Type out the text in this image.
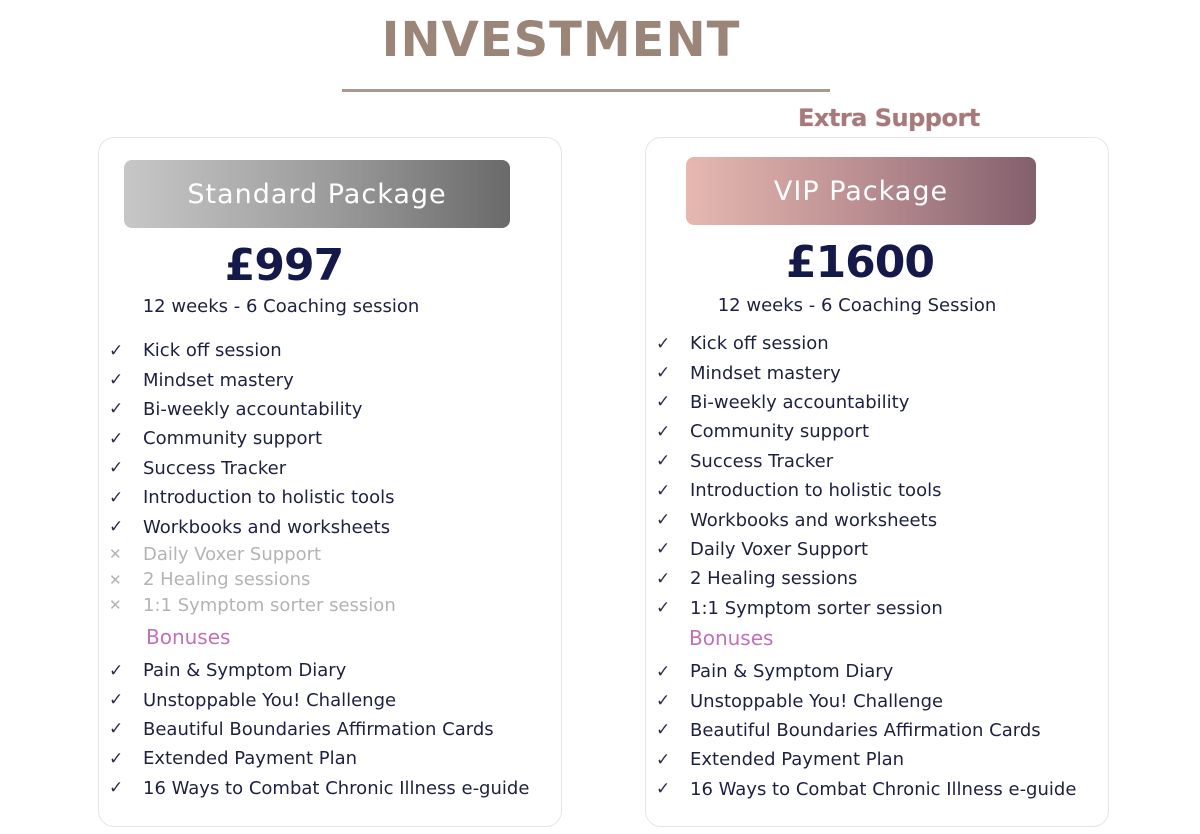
INVESTMENT
Extra Support
Standard Package
£997
12 weeks - 6 Coaching session
✓	Kick off session
✓	Mindset mastery
✓	Bi-weekly accountability
✓	Community support
✓	Success Tracker
✓	Introduction to holistic tools
✓	Workbooks and worksheets
✕	Daily Voxer Support
✕	2 Healing sessions
✕	1:1 Symptom sorter session
Bonuses
✓	Pain & Symptom Diary
✓	Unstoppable You! Challenge
✓	Beautiful Boundaries Affirmation Cards
✓	Extended Payment Plan
✓	16 Ways to Combat Chronic Illness e-guide
VIP Package
£1600
12 weeks - 6 Coaching Session
✓	Kick off session
✓	Mindset mastery
✓	Bi-weekly accountability
✓	Community support
✓	Success Tracker
✓	Introduction to holistic tools
✓	Workbooks and worksheets
✓	Daily Voxer Support
✓	2 Healing sessions
✓	1:1 Symptom sorter session
Bonuses
✓	Pain & Symptom Diary
✓	Unstoppable You! Challenge
✓	Beautiful Boundaries Affirmation Cards
✓	Extended Payment Plan
✓	16 Ways to Combat Chronic Illness e-guide
